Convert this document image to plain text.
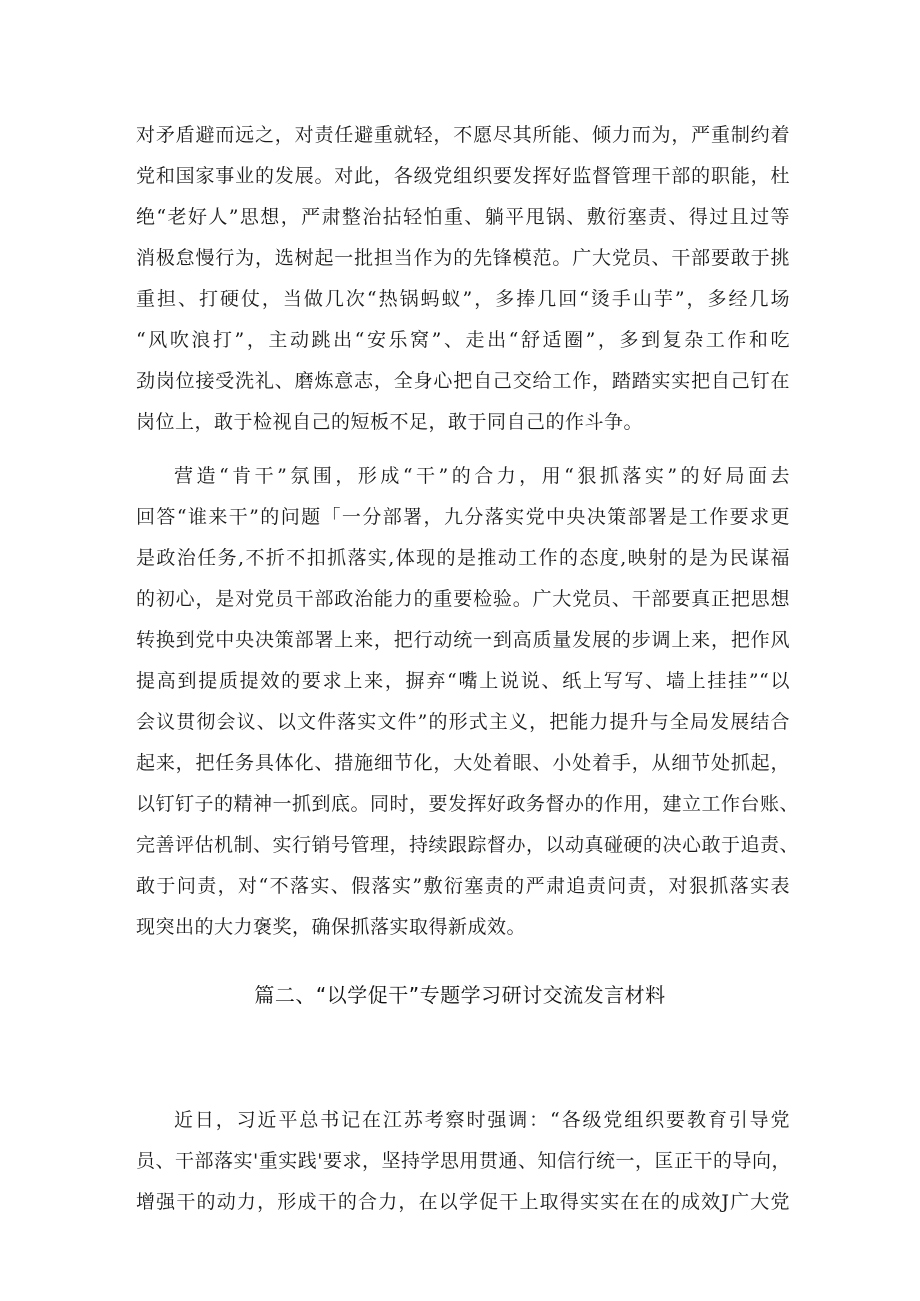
对矛盾避而远之，对责任避重就轻，不愿尽其所能、倾力而为，严重制约着
党和国家事业的发展。对此，各级党组织要发挥好监督管理干部的职能，杜
绝“老好人”思想，严肃整治拈轻怕重、躺平甩锅、敷衍塞责、得过且过等
消极怠慢行为，选树起一批担当作为的先锋模范。广大党员、干部要敢于挑
重担、打硬仗，当做几次“热锅蚂蚁”，多捧几回“烫手山芋”，多经几场
“风吹浪打”，主动跳出“安乐窝”、走出“舒适圈”，多到复杂工作和吃
劲岗位接受洗礼、磨炼意志，全身心把自己交给工作，踏踏实实把自己钉在
岗位上，敢于检视自己的短板不足，敢于同自己的作斗争。
营造“肯干”氛围，形成“干”的合力，用“狠抓落实”的好局面去
回答“谁来干”的问题「一分部署，九分落实党中央决策部署是工作要求更
是政治任务,不折不扣抓落实,体现的是推动工作的态度,映射的是为民谋福
的初心，是对党员干部政治能力的重要检验。广大党员、干部要真正把思想
转换到党中央决策部署上来，把行动统一到高质量发展的步调上来，把作风
提高到提质提效的要求上来，摒弃“嘴上说说、纸上写写、墙上挂挂”“以
会议贯彻会议、以文件落实文件”的形式主义，把能力提升与全局发展结合
起来，把任务具体化、措施细节化，大处着眼、小处着手，从细节处抓起，
以钉钉子的精神一抓到底。同时，要发挥好政务督办的作用，建立工作台账、
完善评估机制、实行销号管理，持续跟踪督办，以动真碰硬的决心敢于追责、
敢于问责，对“不落实、假落实”敷衍塞责的严肃追责问责，对狠抓落实表
现突出的大力褒奖，确保抓落实取得新成效。
篇二、“以学促干”专题学习研讨交流发言材料
近日，习近平总书记在江苏考察时强调：“各级党组织要教育引导党
员、干部落实'重实践'要求，坚持学思用贯通、知信行统一，匡正干的导向，
增强干的动力，形成干的合力，在以学促干上取得实实在在的成效J广大党
